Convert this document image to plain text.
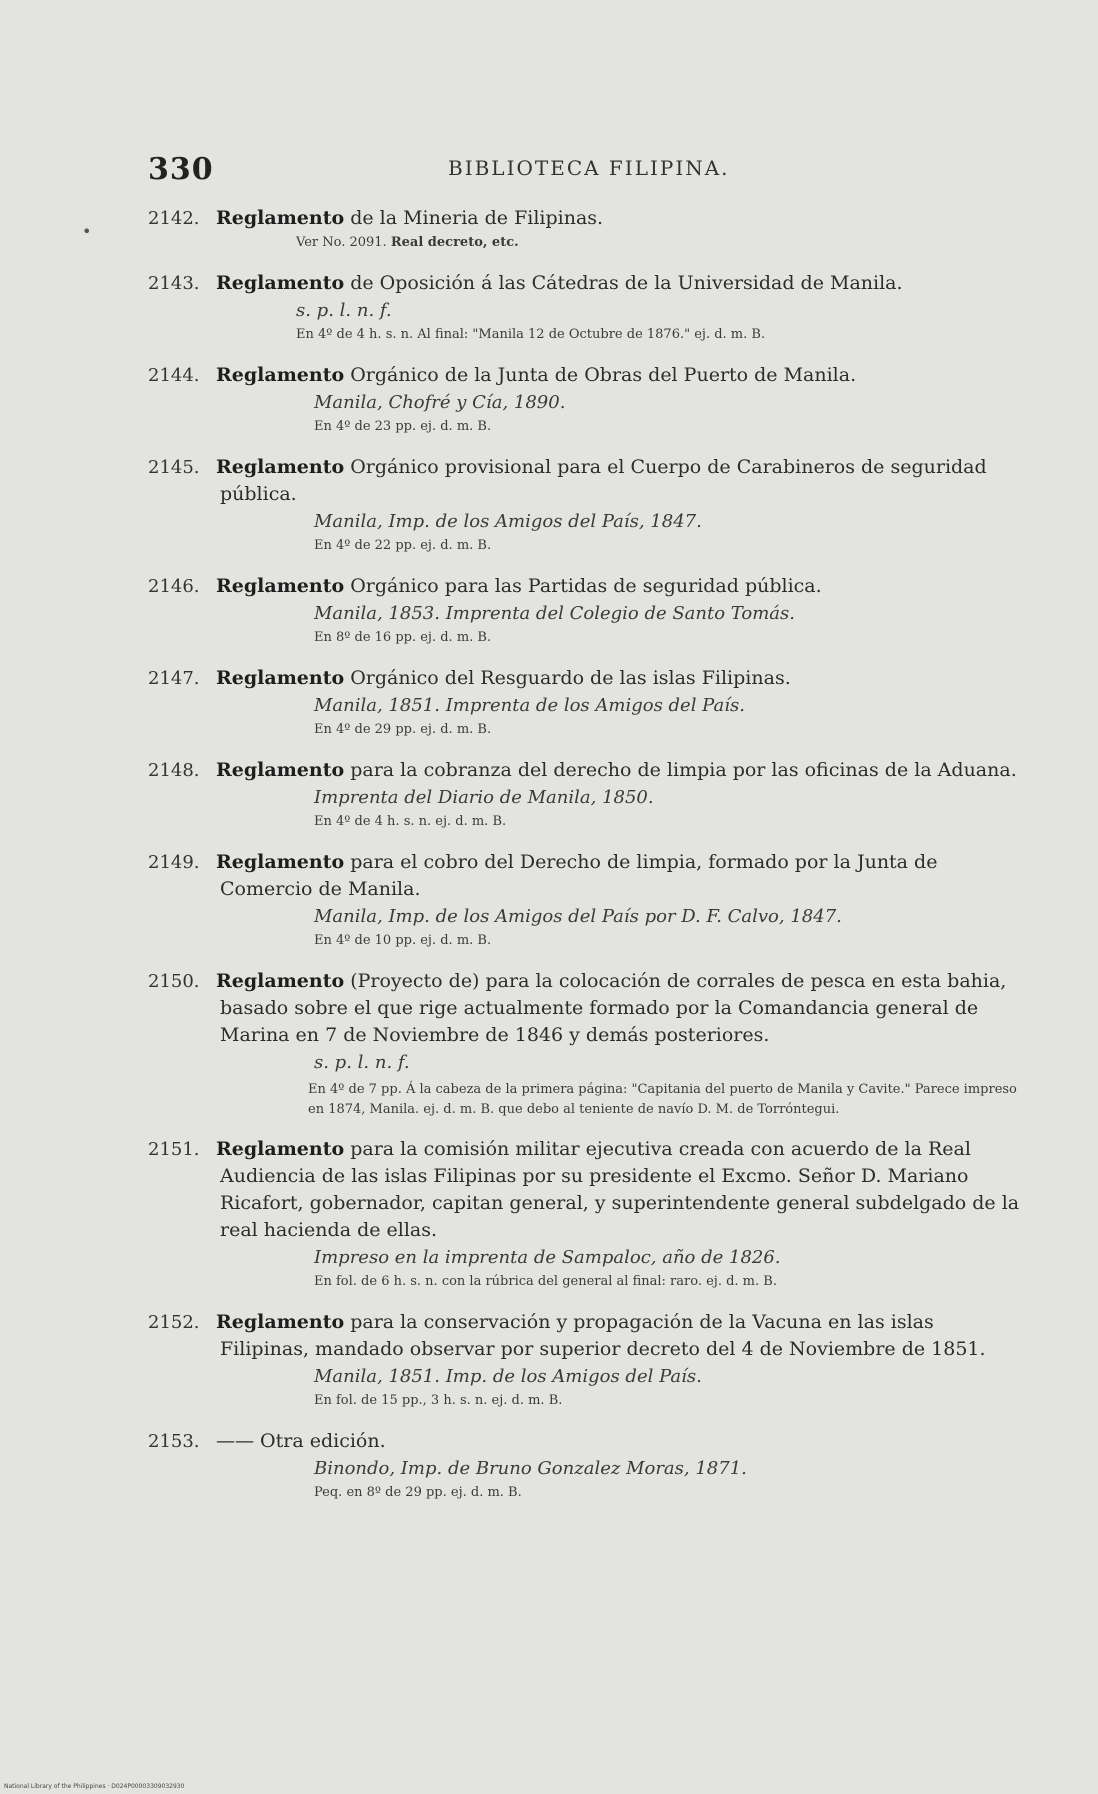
330	BIBLIOTECA FILIPINA.
•
2142. Reglamento de la Mineria de Filipinas.
Ver No. 2091. Real decreto, etc.
2143. Reglamento de Oposición á las Cátedras de la Universidad de Manila.
s. p. l. n. f.
En 4º de 4 h. s. n. Al final: "Manila 12 de Octubre de 1876." ej. d. m. B.
2144. Reglamento Orgánico de la Junta de Obras del Puerto de Manila.
Manila, Chofré y Cía, 1890.
En 4º de 23 pp. ej. d. m. B.
2145. Reglamento Orgánico provisional para el Cuerpo de Carabineros de seguridad pública.
Manila, Imp. de los Amigos del País, 1847.
En 4º de 22 pp. ej. d. m. B.
2146. Reglamento Orgánico para las Partidas de seguridad pública.
Manila, 1853. Imprenta del Colegio de Santo Tomás.
En 8º de 16 pp. ej. d. m. B.
2147. Reglamento Orgánico del Resguardo de las islas Filipinas.
Manila, 1851. Imprenta de los Amigos del País.
En 4º de 29 pp. ej. d. m. B.
2148. Reglamento para la cobranza del derecho de limpia por las oficinas de la Aduana.
Imprenta del Diario de Manila, 1850.
En 4º de 4 h. s. n. ej. d. m. B.
2149. Reglamento para el cobro del Derecho de limpia, formado por la Junta de Comercio de Manila.
Manila, Imp. de los Amigos del País por D. F. Calvo, 1847.
En 4º de 10 pp. ej. d. m. B.
2150. Reglamento (Proyecto de) para la colocación de corrales de pesca en esta bahia, basado sobre el que rige actualmente formado por la Comandancia general de Marina en 7 de Noviembre de 1846 y demás posteriores.
s. p. l. n. f.
En 4º de 7 pp. Á la cabeza de la primera página: "Capitania del puerto de Manila y Cavite." Parece impreso en 1874, Manila. ej. d. m. B. que debo al teniente de navío D. M. de Torróntegui.
2151. Reglamento para la comisión militar ejecutiva creada con acuerdo de la Real Audiencia de las islas Filipinas por su presidente el Excmo. Señor D. Mariano Ricafort, gobernador, capitan general, y superintendente general subdelgado de la real hacienda de ellas.
Impreso en la imprenta de Sampaloc, año de 1826.
En fol. de 6 h. s. n. con la rúbrica del general al final: raro. ej. d. m. B.
2152. Reglamento para la conservación y propagación de la Vacuna en las islas Filipinas, mandado observar por superior decreto del 4 de Noviembre de 1851.
Manila, 1851. Imp. de los Amigos del País.
En fol. de 15 pp., 3 h. s. n. ej. d. m. B.
2153. —— Otra edición.
Binondo, Imp. de Bruno Gonzalez Moras, 1871.
Peq. en 8º de 29 pp. ej. d. m. B.
National Library of the Philippines · D024P00003309032930
